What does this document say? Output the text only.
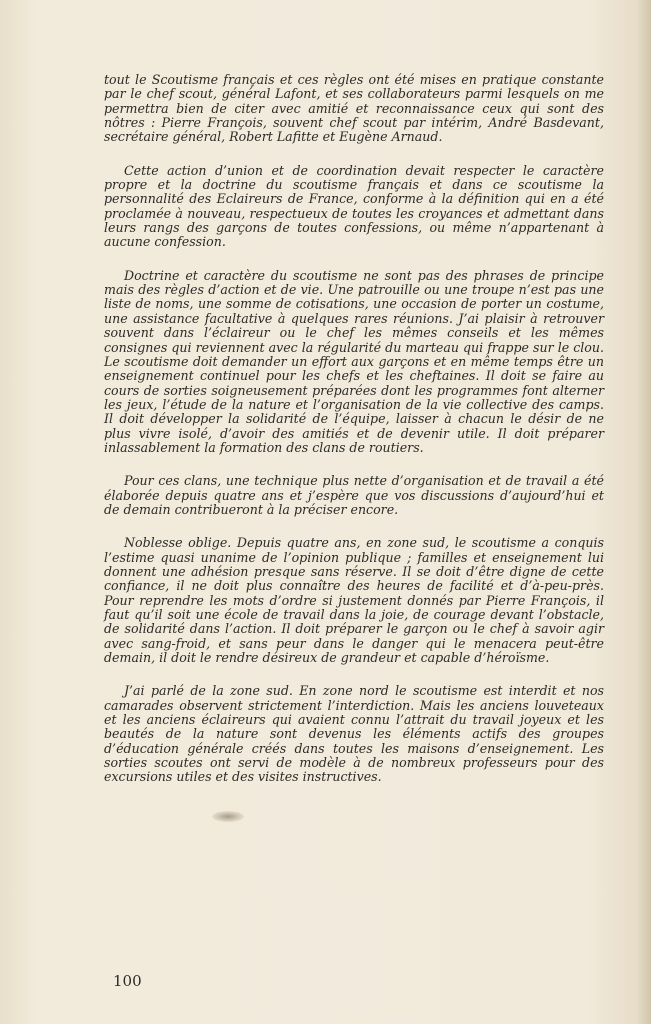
tout le Scoutisme français et ces règles ont été mises en pratique constante par le chef scout, général Lafont, et ses collaborateurs parmi lesquels on me permettra bien de citer avec amitié et reconnaissance ceux qui sont des nôtres : Pierre François, souvent chef scout par intérim, André Basdevant, secrétaire général, Robert Lafitte et Eugène Arnaud.

Cette action d’union et de coordination devait respecter le caractère propre et la doctrine du scoutisme français et dans ce scoutisme la personnalité des Eclaireurs de France, conforme à la définition qui en a été proclamée à nouveau, respectueux de toutes les croyances et admettant dans leurs rangs des garçons de toutes confessions, ou même n’appartenant à aucune confession.

Doctrine et caractère du scoutisme ne sont pas des phrases de principe mais des règles d’action et de vie. Une patrouille ou une troupe n’est pas une liste de noms, une somme de cotisations, une occasion de porter un costume, une assistance facultative à quelques rares réunions. J’ai plaisir à retrouver souvent dans l’éclaireur ou le chef les mêmes conseils et les mêmes consignes qui reviennent avec la régularité du marteau qui frappe sur le clou. Le scoutisme doit demander un effort aux garçons et en même temps être un enseignement continuel pour les chefs et les cheftaines. Il doit se faire au cours de sorties soigneusement préparées dont les programmes font alterner les jeux, l’étude de la nature et l’organisation de la vie collective des camps. Il doit développer la solidarité de l’équipe, laisser à chacun le désir de ne plus vivre isolé, d’avoir des amitiés et de devenir utile. Il doit préparer inlassablement la formation des clans de routiers.

Pour ces clans, une technique plus nette d’organisation et de travail a été élaborée depuis quatre ans et j’espère que vos discussions d’aujourd’hui et de demain contribueront à la préciser encore.

Noblesse oblige. Depuis quatre ans, en zone sud, le scoutisme a conquis l’estime quasi unanime de l’opinion publique ; familles et enseignement lui donnent une adhésion presque sans réserve. Il se doit d’être digne de cette confiance, il ne doit plus connaître des heures de facilité et d’à-peu-près. Pour reprendre les mots d’ordre si justement donnés par Pierre François, il faut qu’il soit une école de travail dans la joie, de courage devant l’obstacle, de solidarité dans l’action. Il doit préparer le garçon ou le chef à savoir agir avec sang-froid, et sans peur dans le danger qui le menacera peut-être demain, il doit le rendre désireux de grandeur et capable d’héroïsme.

J’ai parlé de la zone sud. En zone nord le scoutisme est interdit et nos camarades observent strictement l’interdiction. Mais les anciens louveteaux et les anciens éclaireurs qui avaient connu l’attrait du travail joyeux et les beautés de la nature sont devenus les éléments actifs des groupes d’éducation générale créés dans toutes les maisons d’enseignement. Les sorties scoutes ont servi de modèle à de nombreux professeurs pour des excursions utiles et des visites instructives.

100
